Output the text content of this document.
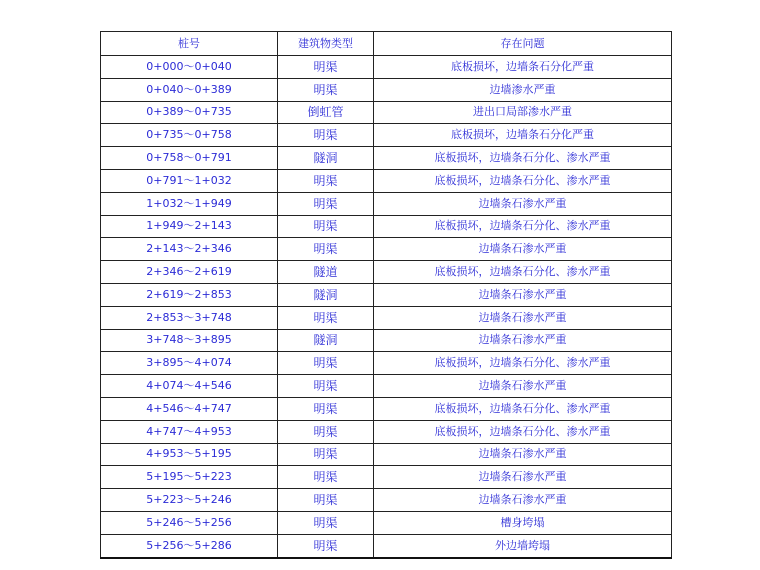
桩号	建筑物类型	存在问题
0+000～0+040	明渠	底板损坏，边墙条石分化严重
0+040～0+389	明渠	边墙渗水严重
0+389～0+735	倒虹管	进出口局部渗水严重
0+735～0+758	明渠	底板损坏，边墙条石分化严重
0+758～0+791	隧洞	底板损坏，边墙条石分化、渗水严重
0+791～1+032	明渠	底板损坏，边墙条石分化、渗水严重
1+032～1+949	明渠	边墙条石渗水严重
1+949～2+143	明渠	底板损坏，边墙条石分化、渗水严重
2+143～2+346	明渠	边墙条石渗水严重
2+346～2+619	隧道	底板损坏，边墙条石分化、渗水严重
2+619～2+853	隧洞	边墙条石渗水严重
2+853～3+748	明渠	边墙条石渗水严重
3+748～3+895	隧洞	边墙条石渗水严重
3+895～4+074	明渠	底板损坏，边墙条石分化、渗水严重
4+074～4+546	明渠	边墙条石渗水严重
4+546～4+747	明渠	底板损坏，边墙条石分化、渗水严重
4+747～4+953	明渠	底板损坏，边墙条石分化、渗水严重
4+953～5+195	明渠	边墙条石渗水严重
5+195～5+223	明渠	边墙条石渗水严重
5+223～5+246	明渠	边墙条石渗水严重
5+246～5+256	明渠	槽身垮塌
5+256～5+286	明渠	外边墙垮塌
